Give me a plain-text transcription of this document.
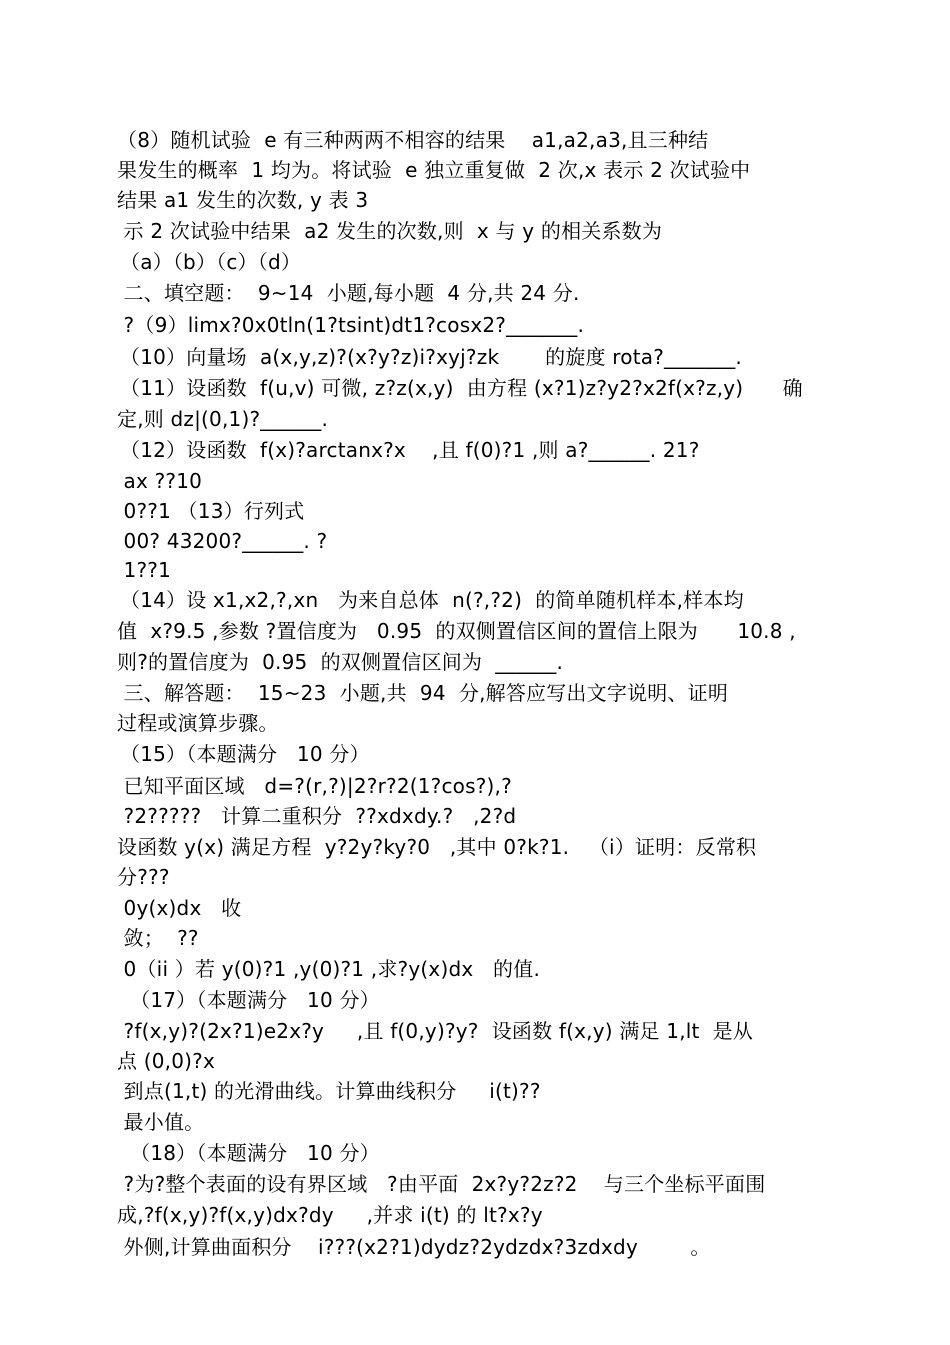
（8）随机试验  e 有三种两两不相容的结果    a1,a2,a3,且三种结
果发生的概率  1 均为。将试验  e 独立重复做  2 次,x 表示 2 次试验中
结果 a1 发生的次数, y 表 3
示 2 次试验中结果  a2 发生的次数,则  x 与 y 的相关系数为
（a）（b）（c）（d）
二、填空题：  9~14  小题,每小题  4 分,共 24 分.
?（9）limx?0x0tln(1?tsint)dt1?cosx2?_______.
（10）向量场  a(x,y,z)?(x?y?z)i?xyj?zk       的旋度 rota?_______.
（11）设函数  f(u,v) 可微, z?z(x,y)  由方程 (x?1)z?y2?x2f(x?z,y)      确
定,则 dz|(0,1)?______.
（12）设函数  f(x)?arctanx?x    ,且 f(0)?1 ,则 a?______. 21?
ax ??10
0??1 （13）行列式
00? 43200?______. ?
1??1
（14）设 x1,x2,?,xn   为来自总体  n(?,?2)  的简单随机样本,样本均
值  x?9.5 ,参数 ?置信度为   0.95  的双侧置信区间的置信上限为      10.8 ,
则?的置信度为  0.95  的双侧置信区间为  ______.
三、解答题：  15~23  小题,共  94  分,解答应写出文字说明、证明
过程或演算步骤。
（15）（本题满分   10 分）
已知平面区域   d=?(r,?)|2?r?2(1?cos?),?
?2?????   计算二重积分  ??xdxdy.?   ,2?d
设函数 y(x) 满足方程  y?2y?ky?0   ,其中 0?k?1.   （i）证明：反常积
分???
0y(x)dx   收
敛；  ??
0（ii ）若 y(0)?1 ,y(0)?1 ,求?y(x)dx   的值.
（17）（本题满分   10 分）
?f(x,y)?(2x?1)e2x?y     ,且 f(0,y)?y?  设函数 f(x,y) 满足 1,lt  是从
点 (0,0)?x
到点(1,t) 的光滑曲线。计算曲线积分     i(t)??
最小值。
（18）（本题满分   10 分）
?为?整个表面的设有界区域   ?由平面  2x?y?2z?2    与三个坐标平面围
成,?f(x,y)?f(x,y)dx?dy     ,并求 i(t) 的 lt?x?y
外侧,计算曲面积分    i???(x2?1)dydz?2ydzdx?3zdxdy        。
